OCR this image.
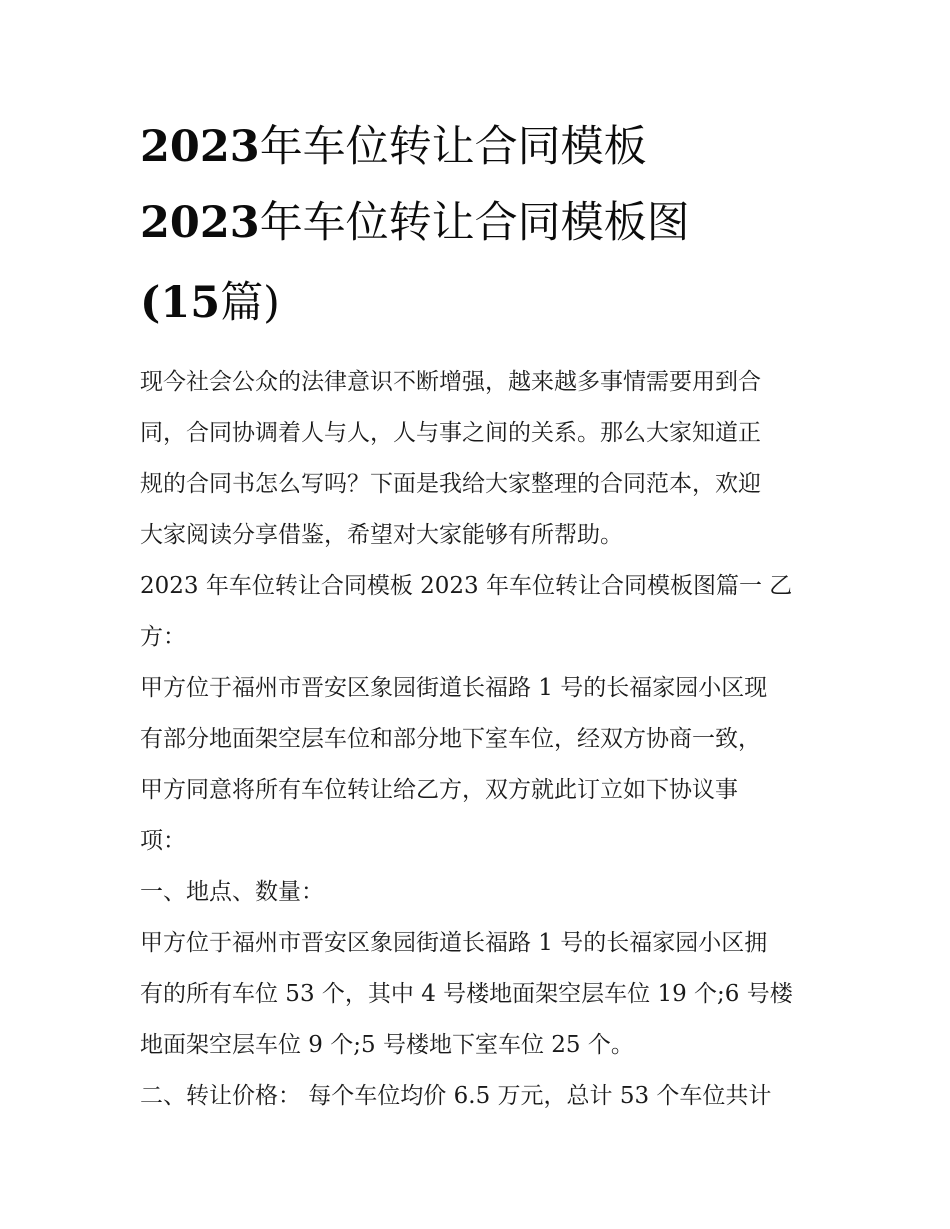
2023年车位转让合同模板
2023年车位转让合同模板图
(15篇)
现今社会公众的法律意识不断增强，越来越多事情需要用到合
同，合同协调着人与人，人与事之间的关系。那么大家知道正
规的合同书怎么写吗？下面是我给大家整理的合同范本，欢迎
大家阅读分享借鉴，希望对大家能够有所帮助。
2023 年车位转让合同模板 2023 年车位转让合同模板图篇一 乙
方：
甲方位于福州市晋安区象园街道长福路 1 号的长福家园小区现
有部分地面架空层车位和部分地下室车位，经双方协商一致，
甲方同意将所有车位转让给乙方，双方就此订立如下协议事
项：
一、地点、数量：
甲方位于福州市晋安区象园街道长福路 1 号的长福家园小区拥
有的所有车位 53 个，其中 4 号楼地面架空层车位 19 个;6 号楼
地面架空层车位 9 个;5 号楼地下室车位 25 个。
二、转让价格： 每个车位均价 6.5 万元，总计 53 个车位共计
